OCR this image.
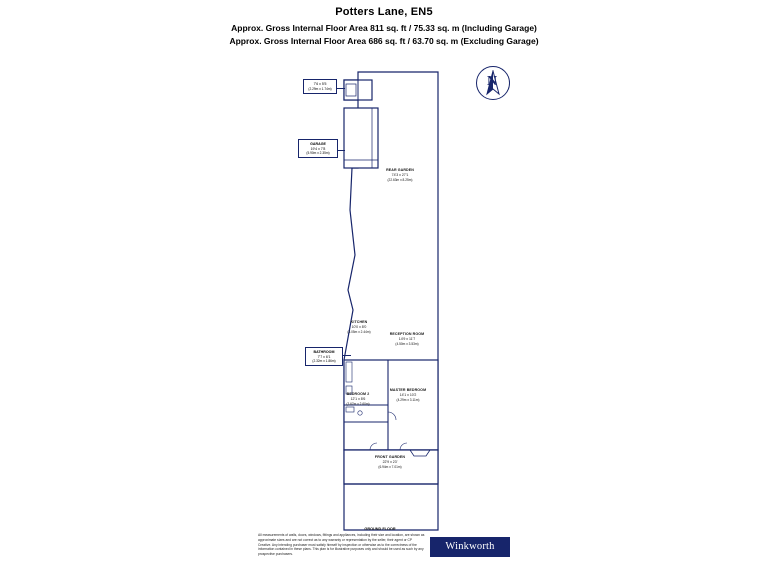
Potters Lane, EN5
Approx. Gross Internal Floor Area 811 sq. ft / 75.33 sq. m (Including Garage)
Approx. Gross Internal Floor Area 686 sq. ft / 63.70 sq. m (Excluding Garage)
N
REAR GARDEN
74'3 x 27'1
(22.63m x 8.25m)
KITCHEN
10'0 x 8'0
(3.05m x 2.44m)
RECEPTION ROOM
14'9 x 11'7
(4.50m x 3.53m)
BEDROOM 2
12'1 x 8'6
(3.67m x 2.60m)
MASTER BEDROOM
14'1 x 10'2
(4.29m x 3.11m)
FRONT GARDEN
22'9 x 23'
(6.94m x 7.01m)
7'6 x 5'5
(2.29m x 1.74m)
GARAGE
19'4 x 7'8
(5.90m x 2.35m)
BATHROOM
7'7 x 6'1
(2.32m x 1.86m)
GROUND FLOOR
All measurements of walls, doors, windows, fittings and appliances, including their size and location, are shown as approximate sizes and are not correct as to any warranty or representation by the seller, their agent or CP Creative. Any intending purchaser must satisfy himself by inspection or otherwise as to the correctness of the information contained in these plans. This plan is for illustrative purposes only and should be used as such by any prospective purchasers.
Winkworth
